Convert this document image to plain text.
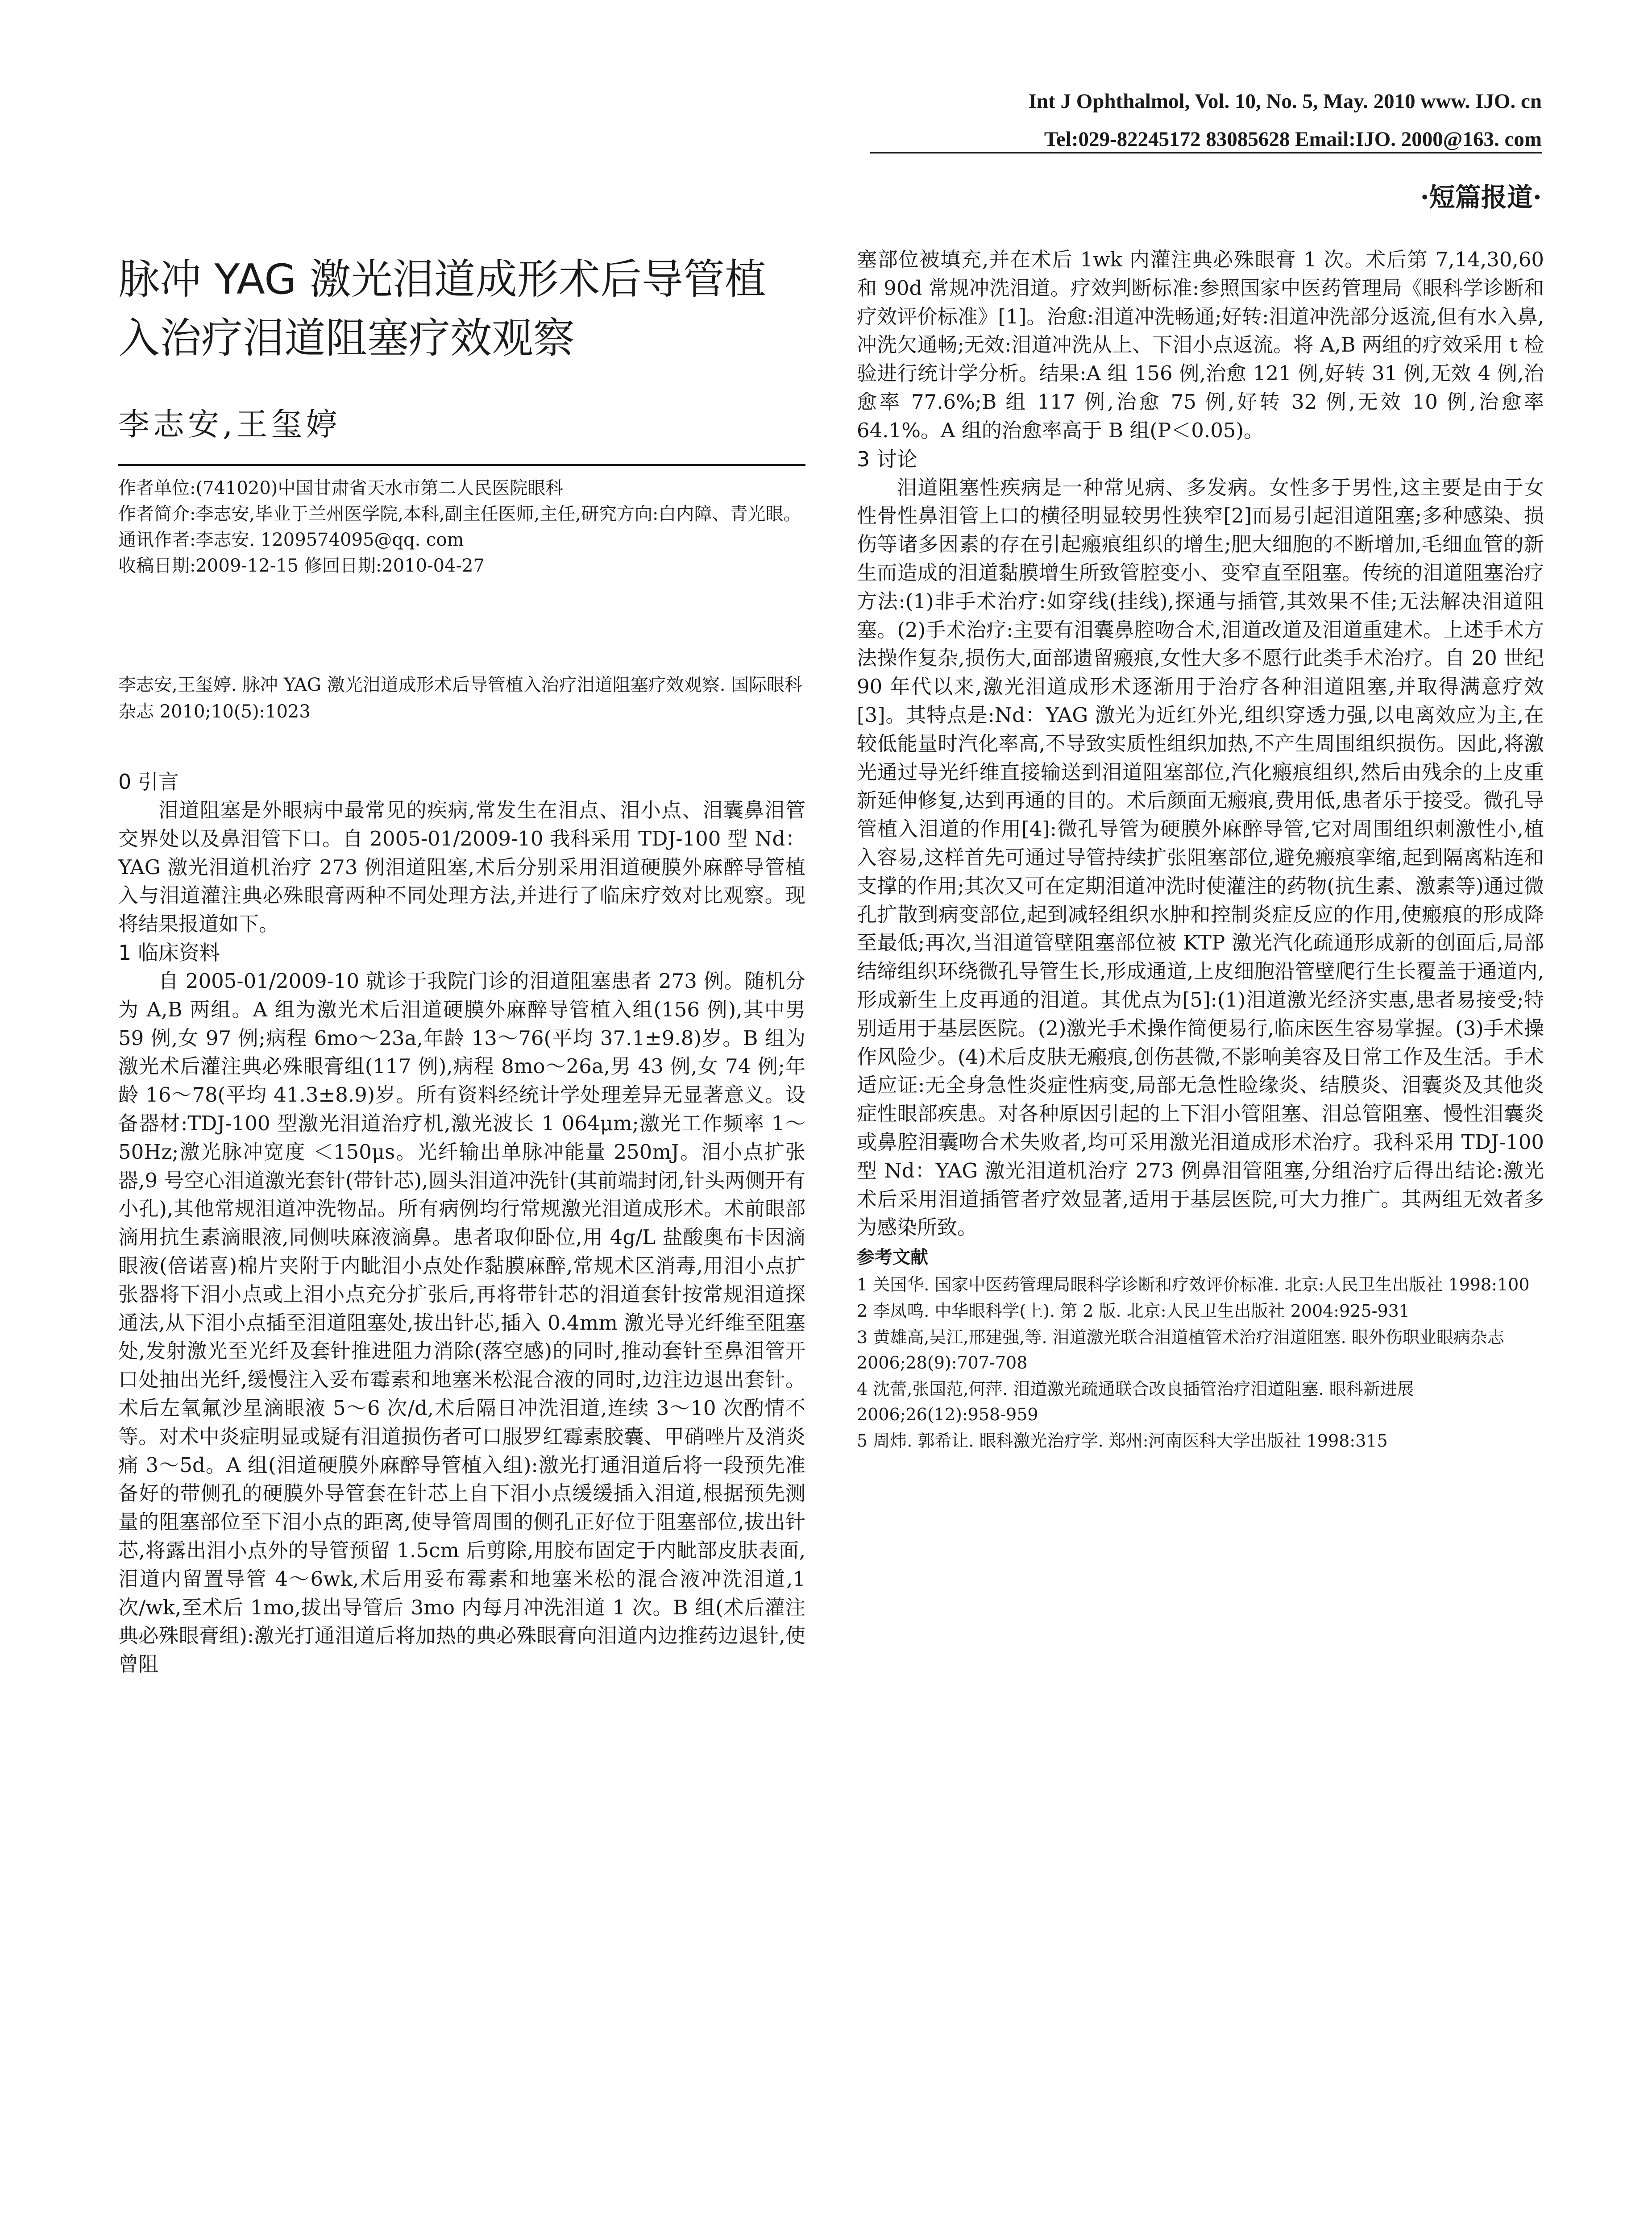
Int J Ophthalmol, Vol. 10, No. 5, May. 2010 www. IJO. cn
Tel:029-82245172 83085628 Email:IJO. 2000@163. com
·短篇报道·
脉冲 YAG 激光泪道成形术后导管植入治疗泪道阻塞疗效观察
李志安,王玺婷

作者单位:(741020)中国甘肃省天水市第二人民医院眼科

作者简介:李志安,毕业于兰州医学院,本科,副主任医师,主任,研究方向:白内障、青光眼。

通讯作者:李志安. 1209574095@qq. com

收稿日期:2009-12-15 修回日期:2010-04-27

李志安,王玺婷. 脉冲 YAG 激光泪道成形术后导管植入治疗泪道阻塞疗效观察. 国际眼科杂志 2010;10(5):1023

0 引言

泪道阻塞是外眼病中最常见的疾病,常发生在泪点、泪小点、泪囊鼻泪管交界处以及鼻泪管下口。自 2005-01/2009-10 我科采用 TDJ-100 型 Nd：YAG 激光泪道机治疗 273 例泪道阻塞,术后分别采用泪道硬膜外麻醉导管植入与泪道灌注典必殊眼膏两种不同处理方法,并进行了临床疗效对比观察。现将结果报道如下。

1 临床资料

自 2005-01/2009-10 就诊于我院门诊的泪道阻塞患者 273 例。随机分为 A,B 两组。A 组为激光术后泪道硬膜外麻醉导管植入组(156 例),其中男 59 例,女 97 例;病程 6mo～23a,年龄 13～76(平均 37.1±9.8)岁。B 组为激光术后灌注典必殊眼膏组(117 例),病程 8mo～26a,男 43 例,女 74 例;年龄 16～78(平均 41.3±8.9)岁。所有资料经统计学处理差异无显著意义。设备器材:TDJ-100 型激光泪道治疗机,激光波长 1 064μm;激光工作频率 1～50Hz;激光脉冲宽度 ＜150μs。光纤输出单脉冲能量 250mJ。泪小点扩张器,9 号空心泪道激光套针(带针芯),圆头泪道冲洗针(其前端封闭,针头两侧开有小孔),其他常规泪道冲洗物品。所有病例均行常规激光泪道成形术。术前眼部滴用抗生素滴眼液,同侧呋麻液滴鼻。患者取仰卧位,用 4g/L 盐酸奥布卡因滴眼液(倍诺喜)棉片夹附于内眦泪小点处作黏膜麻醉,常规术区消毒,用泪小点扩张器将下泪小点或上泪小点充分扩张后,再将带针芯的泪道套针按常规泪道探通法,从下泪小点插至泪道阻塞处,拔出针芯,插入 0.4mm 激光导光纤维至阻塞处,发射激光至光纤及套针推进阻力消除(落空感)的同时,推动套针至鼻泪管开口处抽出光纤,缓慢注入妥布霉素和地塞米松混合液的同时,边注边退出套针。术后左氧氟沙星滴眼液 5～6 次/d,术后隔日冲洗泪道,连续 3～10 次酌情不等。对术中炎症明显或疑有泪道损伤者可口服罗红霉素胶囊、甲硝唑片及消炎痛 3～5d。A 组(泪道硬膜外麻醉导管植入组):激光打通泪道后将一段预先准备好的带侧孔的硬膜外导管套在针芯上自下泪小点缓缓插入泪道,根据预先测量的阻塞部位至下泪小点的距离,使导管周围的侧孔正好位于阻塞部位,拔出针芯,将露出泪小点外的导管预留 1.5cm 后剪除,用胶布固定于内眦部皮肤表面,泪道内留置导管 4～6wk,术后用妥布霉素和地塞米松的混合液冲洗泪道,1 次/wk,至术后 1mo,拔出导管后 3mo 内每月冲洗泪道 1 次。B 组(术后灌注典必殊眼膏组):激光打通泪道后将加热的典必殊眼膏向泪道内边推药边退针,使曾阻

塞部位被填充,并在术后 1wk 内灌注典必殊眼膏 1 次。术后第 7,14,30,60 和 90d 常规冲洗泪道。疗效判断标准:参照国家中医药管理局《眼科学诊断和疗效评价标准》[1]。治愈:泪道冲洗畅通;好转:泪道冲洗部分返流,但有水入鼻,冲洗欠通畅;无效:泪道冲洗从上、下泪小点返流。将 A,B 两组的疗效采用 t 检验进行统计学分析。结果:A 组 156 例,治愈 121 例,好转 31 例,无效 4 例,治愈率 77.6%;B 组 117 例,治愈 75 例,好转 32 例,无效 10 例,治愈率 64.1%。A 组的治愈率高于 B 组(P＜0.05)。

3 讨论

泪道阻塞性疾病是一种常见病、多发病。女性多于男性,这主要是由于女性骨性鼻泪管上口的横径明显较男性狭窄[2]而易引起泪道阻塞;多种感染、损伤等诸多因素的存在引起瘢痕组织的增生;肥大细胞的不断增加,毛细血管的新生而造成的泪道黏膜增生所致管腔变小、变窄直至阻塞。传统的泪道阻塞治疗方法:(1)非手术治疗:如穿线(挂线),探通与插管,其效果不佳;无法解决泪道阻塞。(2)手术治疗:主要有泪囊鼻腔吻合术,泪道改道及泪道重建术。上述手术方法操作复杂,损伤大,面部遗留瘢痕,女性大多不愿行此类手术治疗。自 20 世纪 90 年代以来,激光泪道成形术逐渐用于治疗各种泪道阻塞,并取得满意疗效[3]。其特点是:Nd：YAG 激光为近红外光,组织穿透力强,以电离效应为主,在较低能量时汽化率高,不导致实质性组织加热,不产生周围组织损伤。因此,将激光通过导光纤维直接输送到泪道阻塞部位,汽化瘢痕组织,然后由残余的上皮重新延伸修复,达到再通的目的。术后颜面无瘢痕,费用低,患者乐于接受。微孔导管植入泪道的作用[4]:微孔导管为硬膜外麻醉导管,它对周围组织刺激性小,植入容易,这样首先可通过导管持续扩张阻塞部位,避免瘢痕挛缩,起到隔离粘连和支撑的作用;其次又可在定期泪道冲洗时使灌注的药物(抗生素、激素等)通过微孔扩散到病变部位,起到减轻组织水肿和控制炎症反应的作用,使瘢痕的形成降至最低;再次,当泪道管壁阻塞部位被 KTP 激光汽化疏通形成新的创面后,局部结缔组织环绕微孔导管生长,形成通道,上皮细胞沿管壁爬行生长覆盖于通道内,形成新生上皮再通的泪道。其优点为[5]:(1)泪道激光经济实惠,患者易接受;特别适用于基层医院。(2)激光手术操作简便易行,临床医生容易掌握。(3)手术操作风险少。(4)术后皮肤无瘢痕,创伤甚微,不影响美容及日常工作及生活。手术适应证:无全身急性炎症性病变,局部无急性睑缘炎、结膜炎、泪囊炎及其他炎症性眼部疾患。对各种原因引起的上下泪小管阻塞、泪总管阻塞、慢性泪囊炎或鼻腔泪囊吻合术失败者,均可采用激光泪道成形术治疗。我科采用 TDJ-100 型 Nd：YAG 激光泪道机治疗 273 例鼻泪管阻塞,分组治疗后得出结论:激光术后采用泪道插管者疗效显著,适用于基层医院,可大力推广。其两组无效者多为感染所致。

参考文献

1 关国华. 国家中医药管理局眼科学诊断和疗效评价标准. 北京:人民卫生出版社 1998:100

2 李凤鸣. 中华眼科学(上). 第 2 版. 北京:人民卫生出版社 2004:925-931

3 黄雄高,吴江,邢建强,等. 泪道激光联合泪道植管术治疗泪道阻塞. 眼外伤职业眼病杂志 2006;28(9):707-708

4 沈蕾,张国范,何萍. 泪道激光疏通联合改良插管治疗泪道阻塞. 眼科新进展 2006;26(12):958-959

5 周炜. 郭希让. 眼科激光治疗学. 郑州:河南医科大学出版社 1998:315
